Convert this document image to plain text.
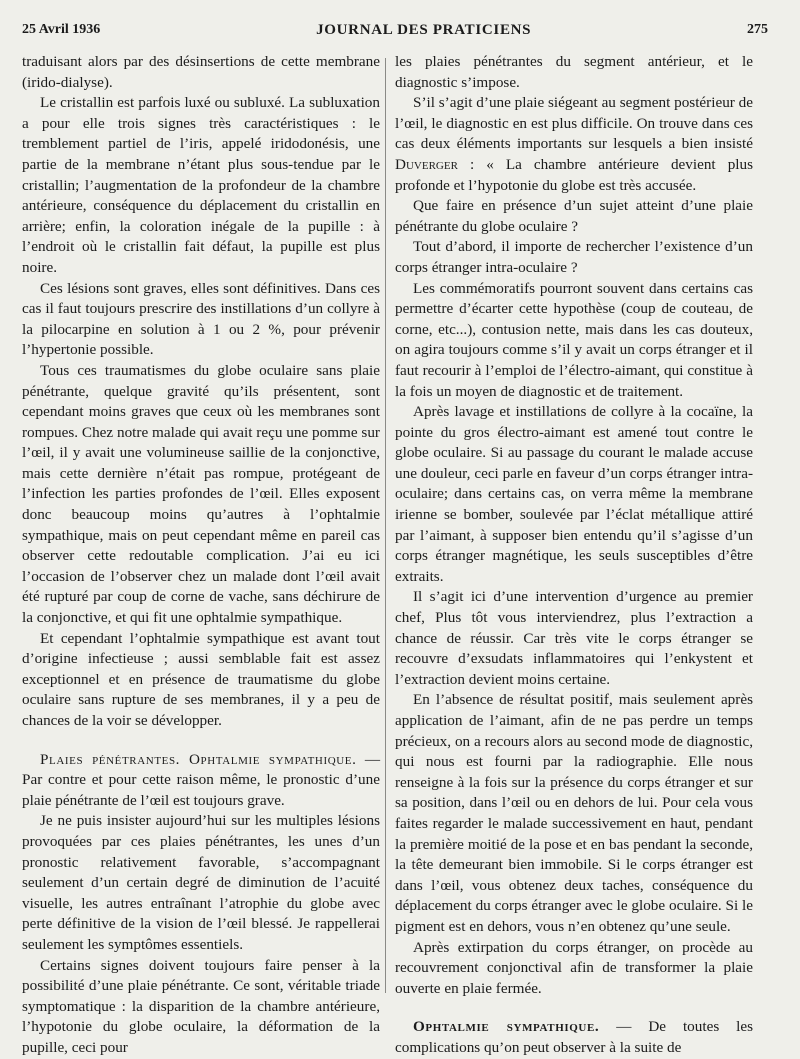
25 Avril 1936	JOURNAL DES PRATICIENS	275

traduisant alors par des désinsertions de cette membrane (irido-dialyse).

Le cristallin est parfois luxé ou subluxé. La subluxation a pour elle trois signes très caractéristiques : le tremblement partiel de l’iris, appelé iridodonésis, une partie de la membrane n’étant plus sous-tendue par le cristallin; l’augmentation de la profondeur de la chambre antérieure, conséquence du déplacement du cristallin en arrière; enfin, la coloration inégale de la pupille : à l’endroit où le cristallin fait défaut, la pupille est plus noire.

Ces lésions sont graves, elles sont définitives. Dans ces cas il faut toujours prescrire des instillations d’un collyre à la pilocarpine en solution à 1 ou 2 %, pour prévenir l’hypertonie possible.

Tous ces traumatismes du globe oculaire sans plaie pénétrante, quelque gravité qu’ils présentent, sont cependant moins graves que ceux où les membranes sont rompues. Chez notre malade qui avait reçu une pomme sur l’œil, il y avait une volumineuse saillie de la conjonctive, mais cette dernière n’était pas rompue, protégeant de l’infection les parties profondes de l’œil. Elles exposent donc beaucoup moins qu’autres à l’ophtalmie sympathique, mais on peut cependant même en pareil cas observer cette redoutable complication. J’ai eu ici l’occasion de l’observer chez un malade dont l’œil avait été rupturé par coup de corne de vache, sans déchirure de la conjonctive, et qui fit une ophtalmie sympathique.

Et cependant l’ophtalmie sympathique est avant tout d’origine infectieuse ; aussi semblable fait est assez exceptionnel et en présence de traumatisme du globe oculaire sans rupture de ses membranes, il y a peu de chances de la voir se développer.

Plaies pénétrantes. Ophtalmie sympathique. — Par contre et pour cette raison même, le pronostic d’une plaie pénétrante de l’œil est toujours grave.

Je ne puis insister aujourd’hui sur les multiples lésions provoquées par ces plaies pénétrantes, les unes d’un pronostic relativement favorable, s’accompagnant seulement d’un certain degré de diminution de l’acuité visuelle, les autres entraînant l’atrophie du globe avec perte définitive de la vision de l’œil blessé. Je rappellerai seulement les symptômes essentiels.

Certains signes doivent toujours faire penser à la possibilité d’une plaie pénétrante. Ce sont, véritable triade symptomatique : la disparition de la chambre antérieure, l’hypotonie du globe oculaire, la déformation de la pupille, ceci pour

les plaies pénétrantes du segment antérieur, et le diagnostic s’impose.

S’il s’agit d’une plaie siégeant au segment postérieur de l’œil, le diagnostic en est plus difficile. On trouve dans ces cas deux éléments importants sur lesquels a bien insisté Duverger : « La chambre antérieure devient plus profonde et l’hypotonie du globe est très accusée.

Que faire en présence d’un sujet atteint d’une plaie pénétrante du globe oculaire ?

Tout d’abord, il importe de rechercher l’existence d’un corps étranger intra-oculaire ?

Les commémoratifs pourront souvent dans certains cas permettre d’écarter cette hypothèse (coup de couteau, de corne, etc...), contusion nette, mais dans les cas douteux, on agira toujours comme s’il y avait un corps étranger et il faut recourir à l’emploi de l’électro-aimant, qui constitue à la fois un moyen de diagnostic et de traitement.

Après lavage et instillations de collyre à la cocaïne, la pointe du gros électro-aimant est amené tout contre le globe oculaire. Si au passage du courant le malade accuse une douleur, ceci parle en faveur d’un corps étranger intra-oculaire; dans certains cas, on verra même la membrane irienne se bomber, soulevée par l’éclat métallique attiré par l’aimant, à supposer bien entendu qu’il s’agisse d’un corps étranger magnétique, les seuls susceptibles d’être extraits.

Il s’agit ici d’une intervention d’urgence au premier chef, Plus tôt vous interviendrez, plus l’extraction a chance de réussir. Car très vite le corps étranger se recouvre d’exsudats inflammatoires qui l’enkystent et l’extraction devient moins certaine.

En l’absence de résultat positif, mais seulement après application de l’aimant, afin de ne pas perdre un temps précieux, on a recours alors au second mode de diagnostic, qui nous est fourni par la radiographie. Elle nous renseigne à la fois sur la présence du corps étranger et sur sa position, dans l’œil ou en dehors de lui. Pour cela vous faites regarder le malade successivement en haut, pendant la première moitié de la pose et en bas pendant la seconde, la tête demeurant bien immobile. Si le corps étranger est dans l’œil, vous obtenez deux taches, conséquence du déplacement du corps étranger avec le globe oculaire. Si le pigment est en dehors, vous n’en obtenez qu’une seule.

Après extirpation du corps étranger, on procède au recouvrement conjonctival afin de transformer la plaie ouverte en plaie fermée.

Ophtalmie sympathique. — De toutes les complications qu’on peut observer à la suite de
